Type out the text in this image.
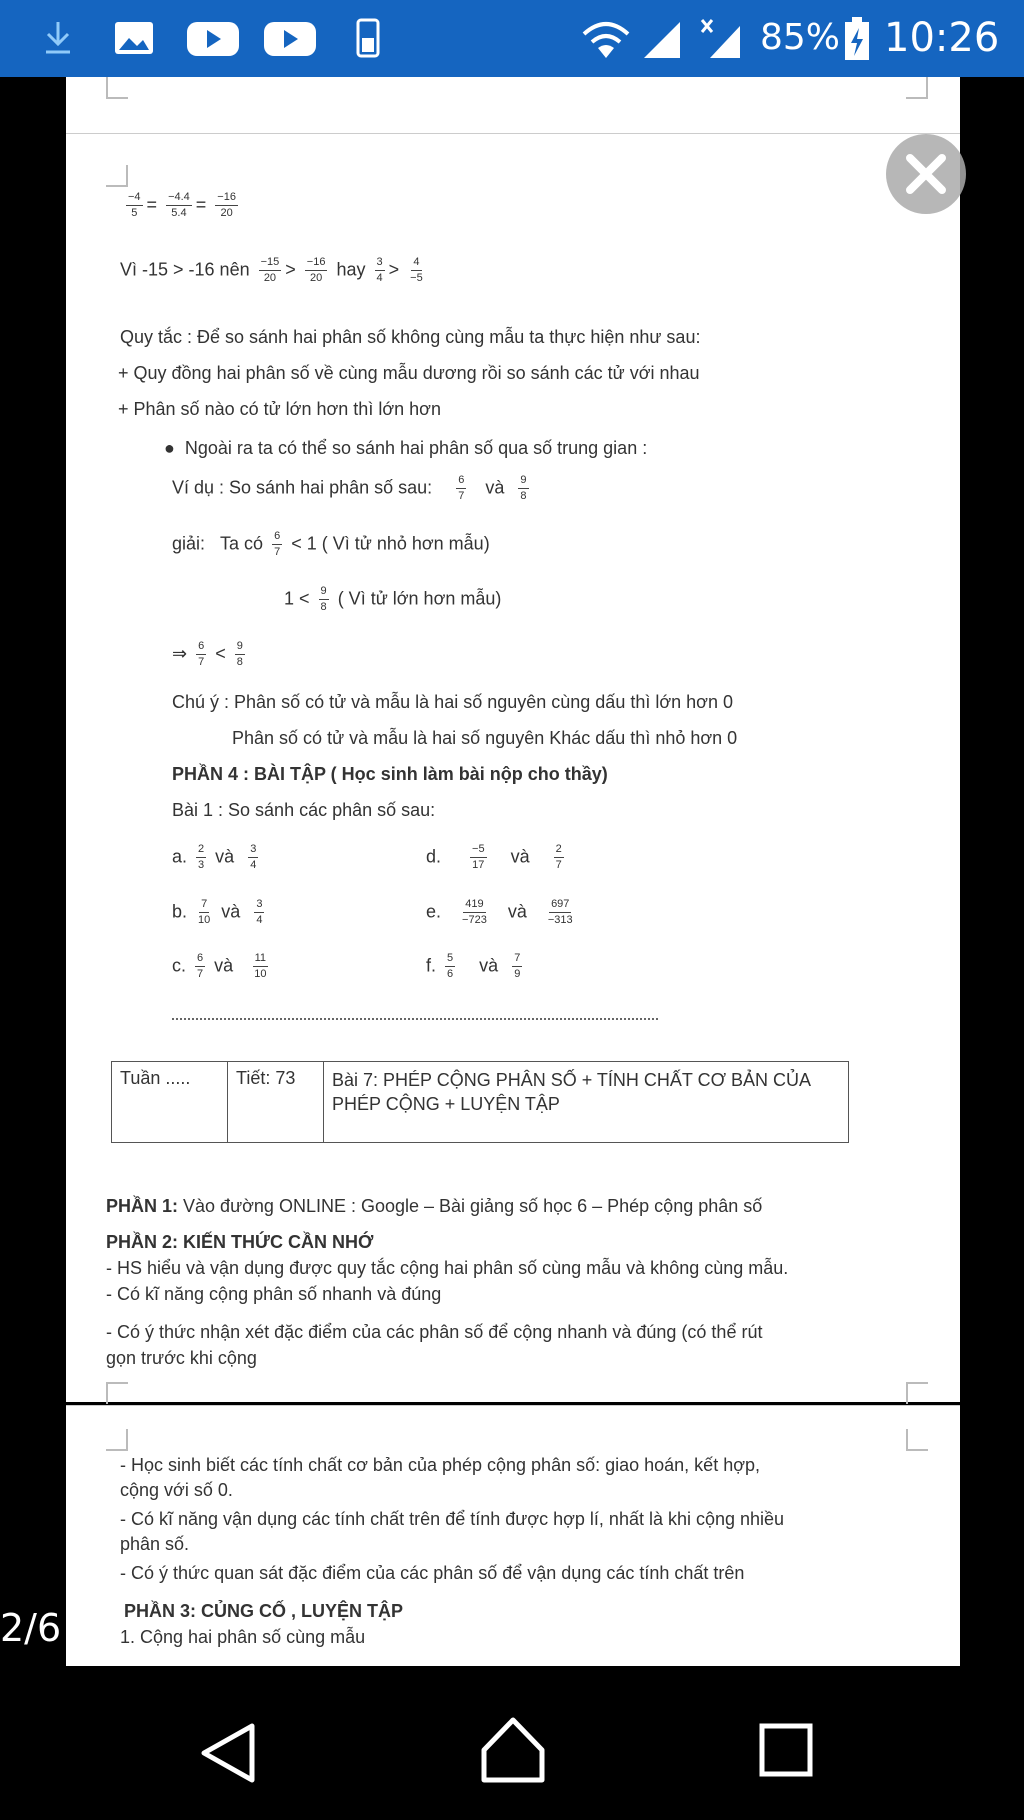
85% 10:26
$\frac{-4}{5} = \frac{-4.4}{5.4} = \frac{-16}{20}$
Vì -15 > -16 nên $\frac{-15}{20} > \frac{-16}{20}$ hay $\frac{3}{4} > \frac{4}{-5}$
Quy tắc : Để so sánh hai phân số không cùng mẫu ta thực hiện như sau:
+ Quy đồng hai phân số về cùng mẫu dương rồi so sánh các tử với nhau
+ Phân số nào có tử lớn hơn thì lớn hơn
● Ngoài ra ta có thể so sánh hai phân số qua số trung gian :
Ví dụ : So sánh hai phân số sau: $\frac{6}{7}$ và $\frac{9}{8}$
giải: Ta có $\frac{6}{7} < 1$ ( Vì tử nhỏ hơn mẫu)
$1 < \frac{9}{8}$ ( Vì tử lớn hơn mẫu)
⇒ $\frac{6}{7} < \frac{9}{8}$
Chú ý : Phân số có tử và mẫu là hai số nguyên cùng dấu thì lớn hơn 0
Phân số có tử và mẫu là hai số nguyên Khác dấu thì nhỏ hơn 0
PHẦN 4 : BÀI TẬP ( Học sinh làm bài nộp cho thầy)
Bài 1 : So sánh các phân số sau:
a. $\frac{2}{3}$ và $\frac{3}{4}$	d.	$\frac{-5}{17}$ và $\frac{2}{7}$
b. $\frac{7}{10}$ và $\frac{3}{4}$	e. $\frac{419}{-723}$ và $\frac{697}{-313}$
c. $\frac{6}{7}$ và $\frac{11}{10}$	f. $\frac{5}{6}$ và $\frac{7}{9}$
PHẦN 1: Vào đường ONLINE : Google – Bài giảng số học 6 – Phép cộng phân số
PHẦN 2: KIẾN THỨC CẦN NHỚ
- HS hiểu và vận dụng được quy tắc cộng hai phân số cùng mẫu và không cùng mẫu.
- Có kĩ năng cộng phân số nhanh và đúng
- Có ý thức nhận xét đặc điểm của các phân số để cộng nhanh và đúng (có thể rút
gọn trước khi cộng
Tuần .....	Tiết: 73	Bài 7: PHÉP CỘNG PHÂN SỐ + TÍNH CHẤT CƠ BẢN CỦA PHÉP CỘNG + LUYỆN TẬP
- Học sinh biết các tính chất cơ bản của phép cộng phân số: giao hoán, kết hợp,
cộng với số 0.
- Có kĩ năng vận dụng các tính chất trên để tính được hợp lí, nhất là khi cộng nhiều
phân số.
- Có ý thức quan sát đặc điểm của các phân số để vận dụng các tính chất trên
PHẦN 3: CỦNG CỐ , LUYỆN TẬP
1. Cộng hai phân số cùng mẫu
2/6
